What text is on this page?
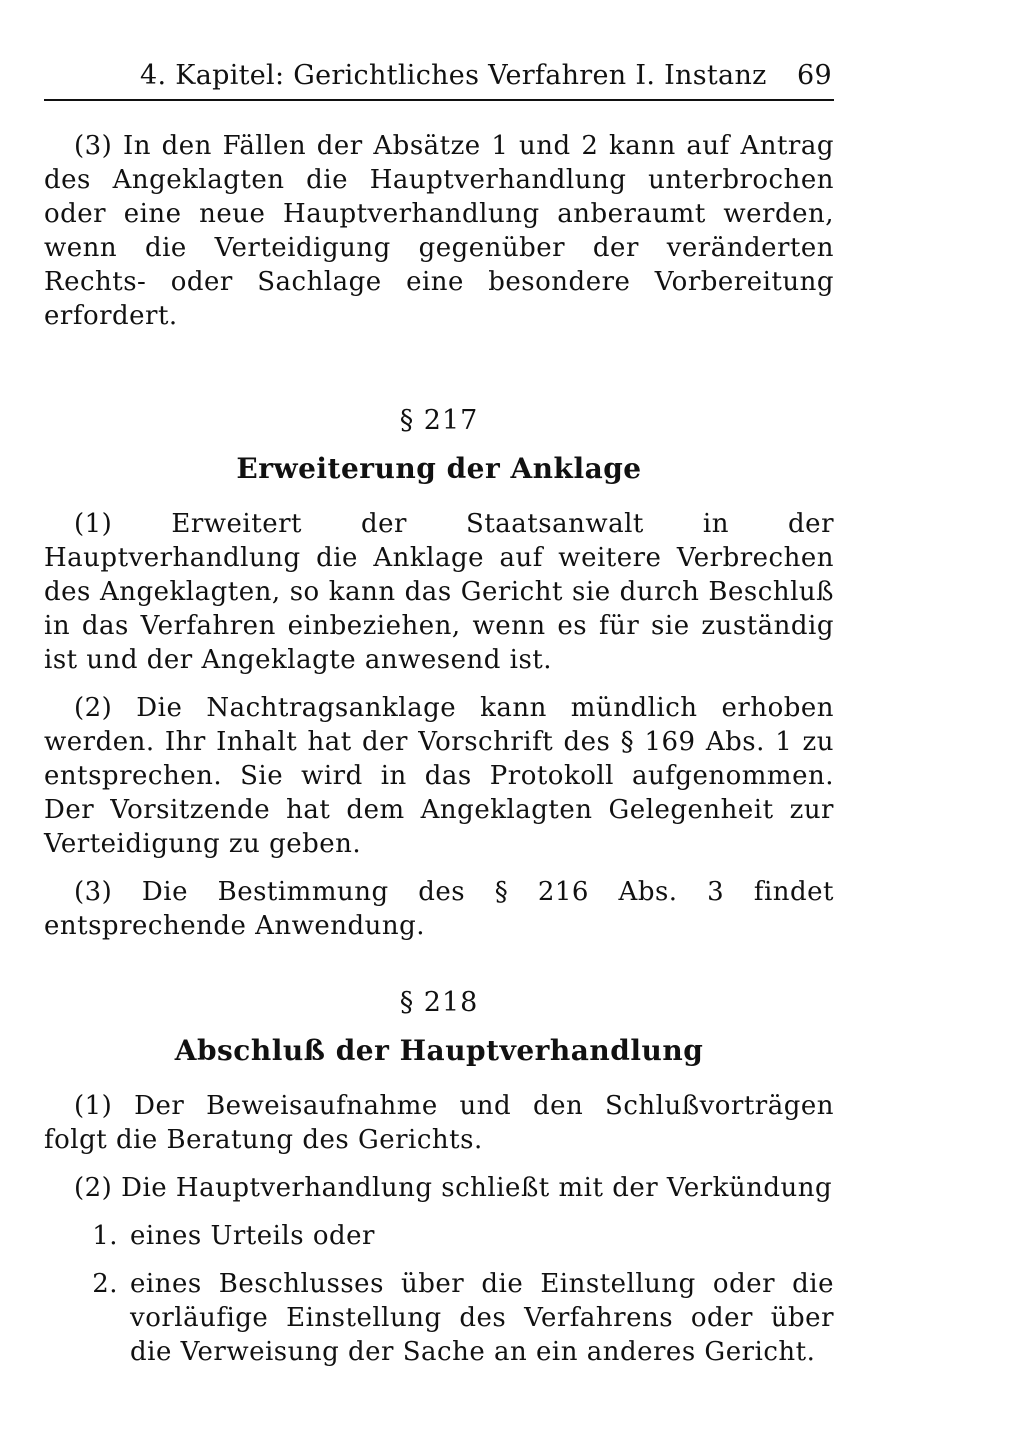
4. Kapitel: Gerichtliches Verfahren I. Instanz 69

(3) In den Fällen der Absätze 1 und 2 kann auf Antrag des Angeklagten die Hauptverhandlung unterbrochen oder eine neue Hauptverhandlung anberaumt werden, wenn die Verteidigung gegenüber der veränderten Rechts- oder Sachlage eine besondere Vorbereitung erfordert.

§ 217
Erweiterung der Anklage

(1) Erweitert der Staatsanwalt in der Hauptverhandlung die Anklage auf weitere Verbrechen des Angeklagten, so kann das Gericht sie durch Beschluß in das Verfahren einbeziehen, wenn es für sie zuständig ist und der Angeklagte anwesend ist.

(2) Die Nachtragsanklage kann mündlich erhoben werden. Ihr Inhalt hat der Vorschrift des § 169 Abs. 1 zu entsprechen. Sie wird in das Protokoll aufgenommen. Der Vorsitzende hat dem Angeklagten Gelegenheit zur Verteidigung zu geben.

(3) Die Bestimmung des § 216 Abs. 3 findet entsprechende Anwendung.

§ 218
Abschluß der Hauptverhandlung

(1) Der Beweisaufnahme und den Schlußvorträgen folgt die Beratung des Gerichts.

(2) Die Hauptverhandlung schließt mit der Verkündung

1. eines Urteils oder
2. eines Beschlusses über die Einstellung oder die vorläufige Einstellung des Verfahrens oder über die Verweisung der Sache an ein anderes Gericht.
